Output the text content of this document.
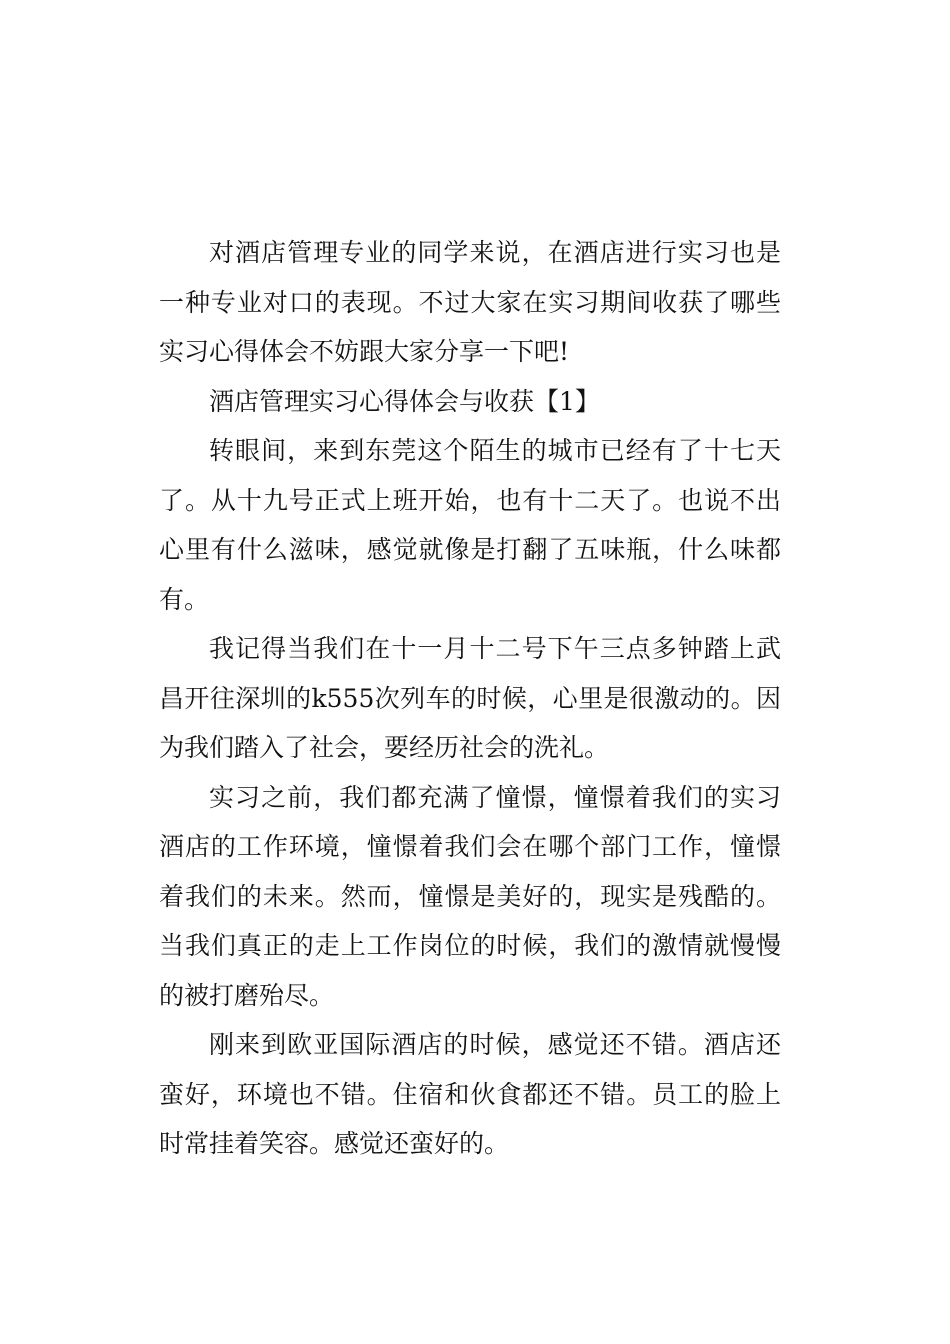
对酒店管理专业的同学来说，在酒店进行实习也是一种专业对口的表现。不过大家在实习期间收获了哪些实习心得体会不妨跟大家分享一下吧!

酒店管理实习心得体会与收获【1】

转眼间，来到东莞这个陌生的城市已经有了十七天了。从十九号正式上班开始，也有十二天了。也说不出心里有什么滋味，感觉就像是打翻了五味瓶，什么味都有。

我记得当我们在十一月十二号下午三点多钟踏上武昌开往深圳的k555次列车的时候，心里是很激动的。因为我们踏入了社会，要经历社会的洗礼。

实习之前，我们都充满了憧憬，憧憬着我们的实习酒店的工作环境，憧憬着我们会在哪个部门工作，憧憬着我们的未来。然而，憧憬是美好的，现实是残酷的。当我们真正的走上工作岗位的时候，我们的激情就慢慢的被打磨殆尽。

刚来到欧亚国际酒店的时候，感觉还不错。酒店还蛮好，环境也不错。住宿和伙食都还不错。员工的脸上时常挂着笑容。感觉还蛮好的。
